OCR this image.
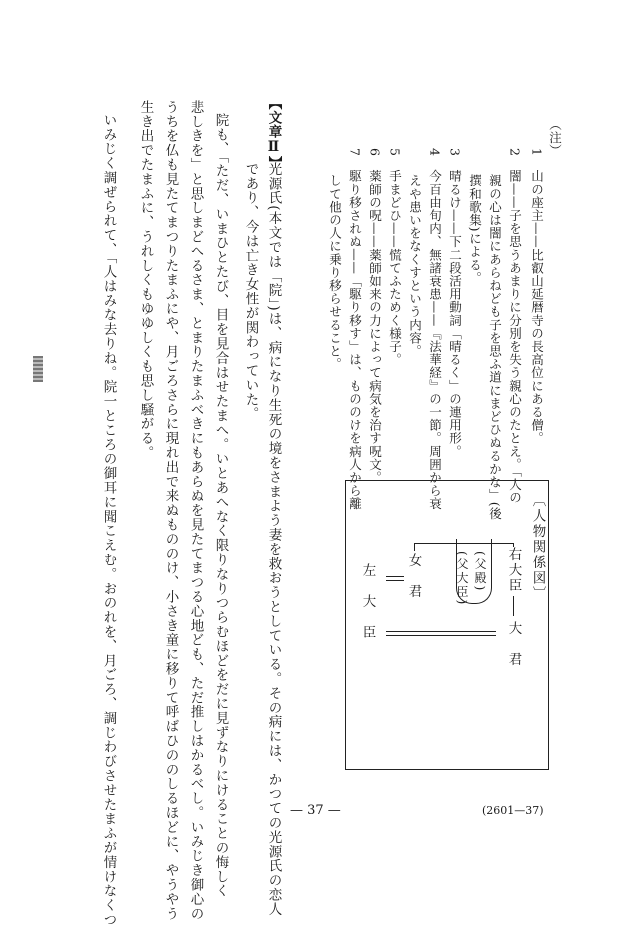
（注）
1　山の座主——比叡山延暦寺の長高位にある僧。
2　闇——子を思うあまりに分別を失う親心のたとえ。「人の
　　親の心は闇にあらねども子を思ふ道にまどひぬるかな」(後
　　撰和歌集)による。
3　晴るけ——下二段活用動詞「晴るく」の連用形。
4　今百由旬内、無諸衰患——『法華経』の一節。周囲から衰
　　えや患いをなくすという内容。
5　手まどひ——慌てふためく様子。
6　薬師の呪——薬師如来の力によって病気を治す呪文。
7　駆り移されぬ——「駆り移す」は、もののけを病人から離
　　して他の人に乗り移らせること。
【文章Ⅱ】
光源氏(本文では「院」)は、病になり生死の境をさまよう妻を救おうとしている。その病には、かつての光源氏の恋人
であり、今は亡き女性が関わっていた。
院も、「ただ、いまひとたび、目を見合はせたまへ。いとあへなく限りなりつらむほどをだに見ずなりにけることの悔しく
悲しきを」と思しまどへるさま、とまりたまふべきにもあらぬを見たてまつる心地ども、ただ推しはかるべし。いみじき御心の
うちを仏も見たてまつりたまふにや、月ごろさらに現れ出で来ぬもののけ、小さき童に移りて呼ばひののしるほどに、やうやう
生き出でたまふに、うれしくもゆゆしくも思し騒がる。
いみじく調ぜられて、「人はみな去りね。院一ところの御耳に聞こえむ。おのれを、月ごろ、調じわびさせたまふが情けなくつ	〔人物関係図〕
右大臣
大　君
(父殿)
(父大臣)
女　君
左　大　臣
— 37 —	(2601—37)
